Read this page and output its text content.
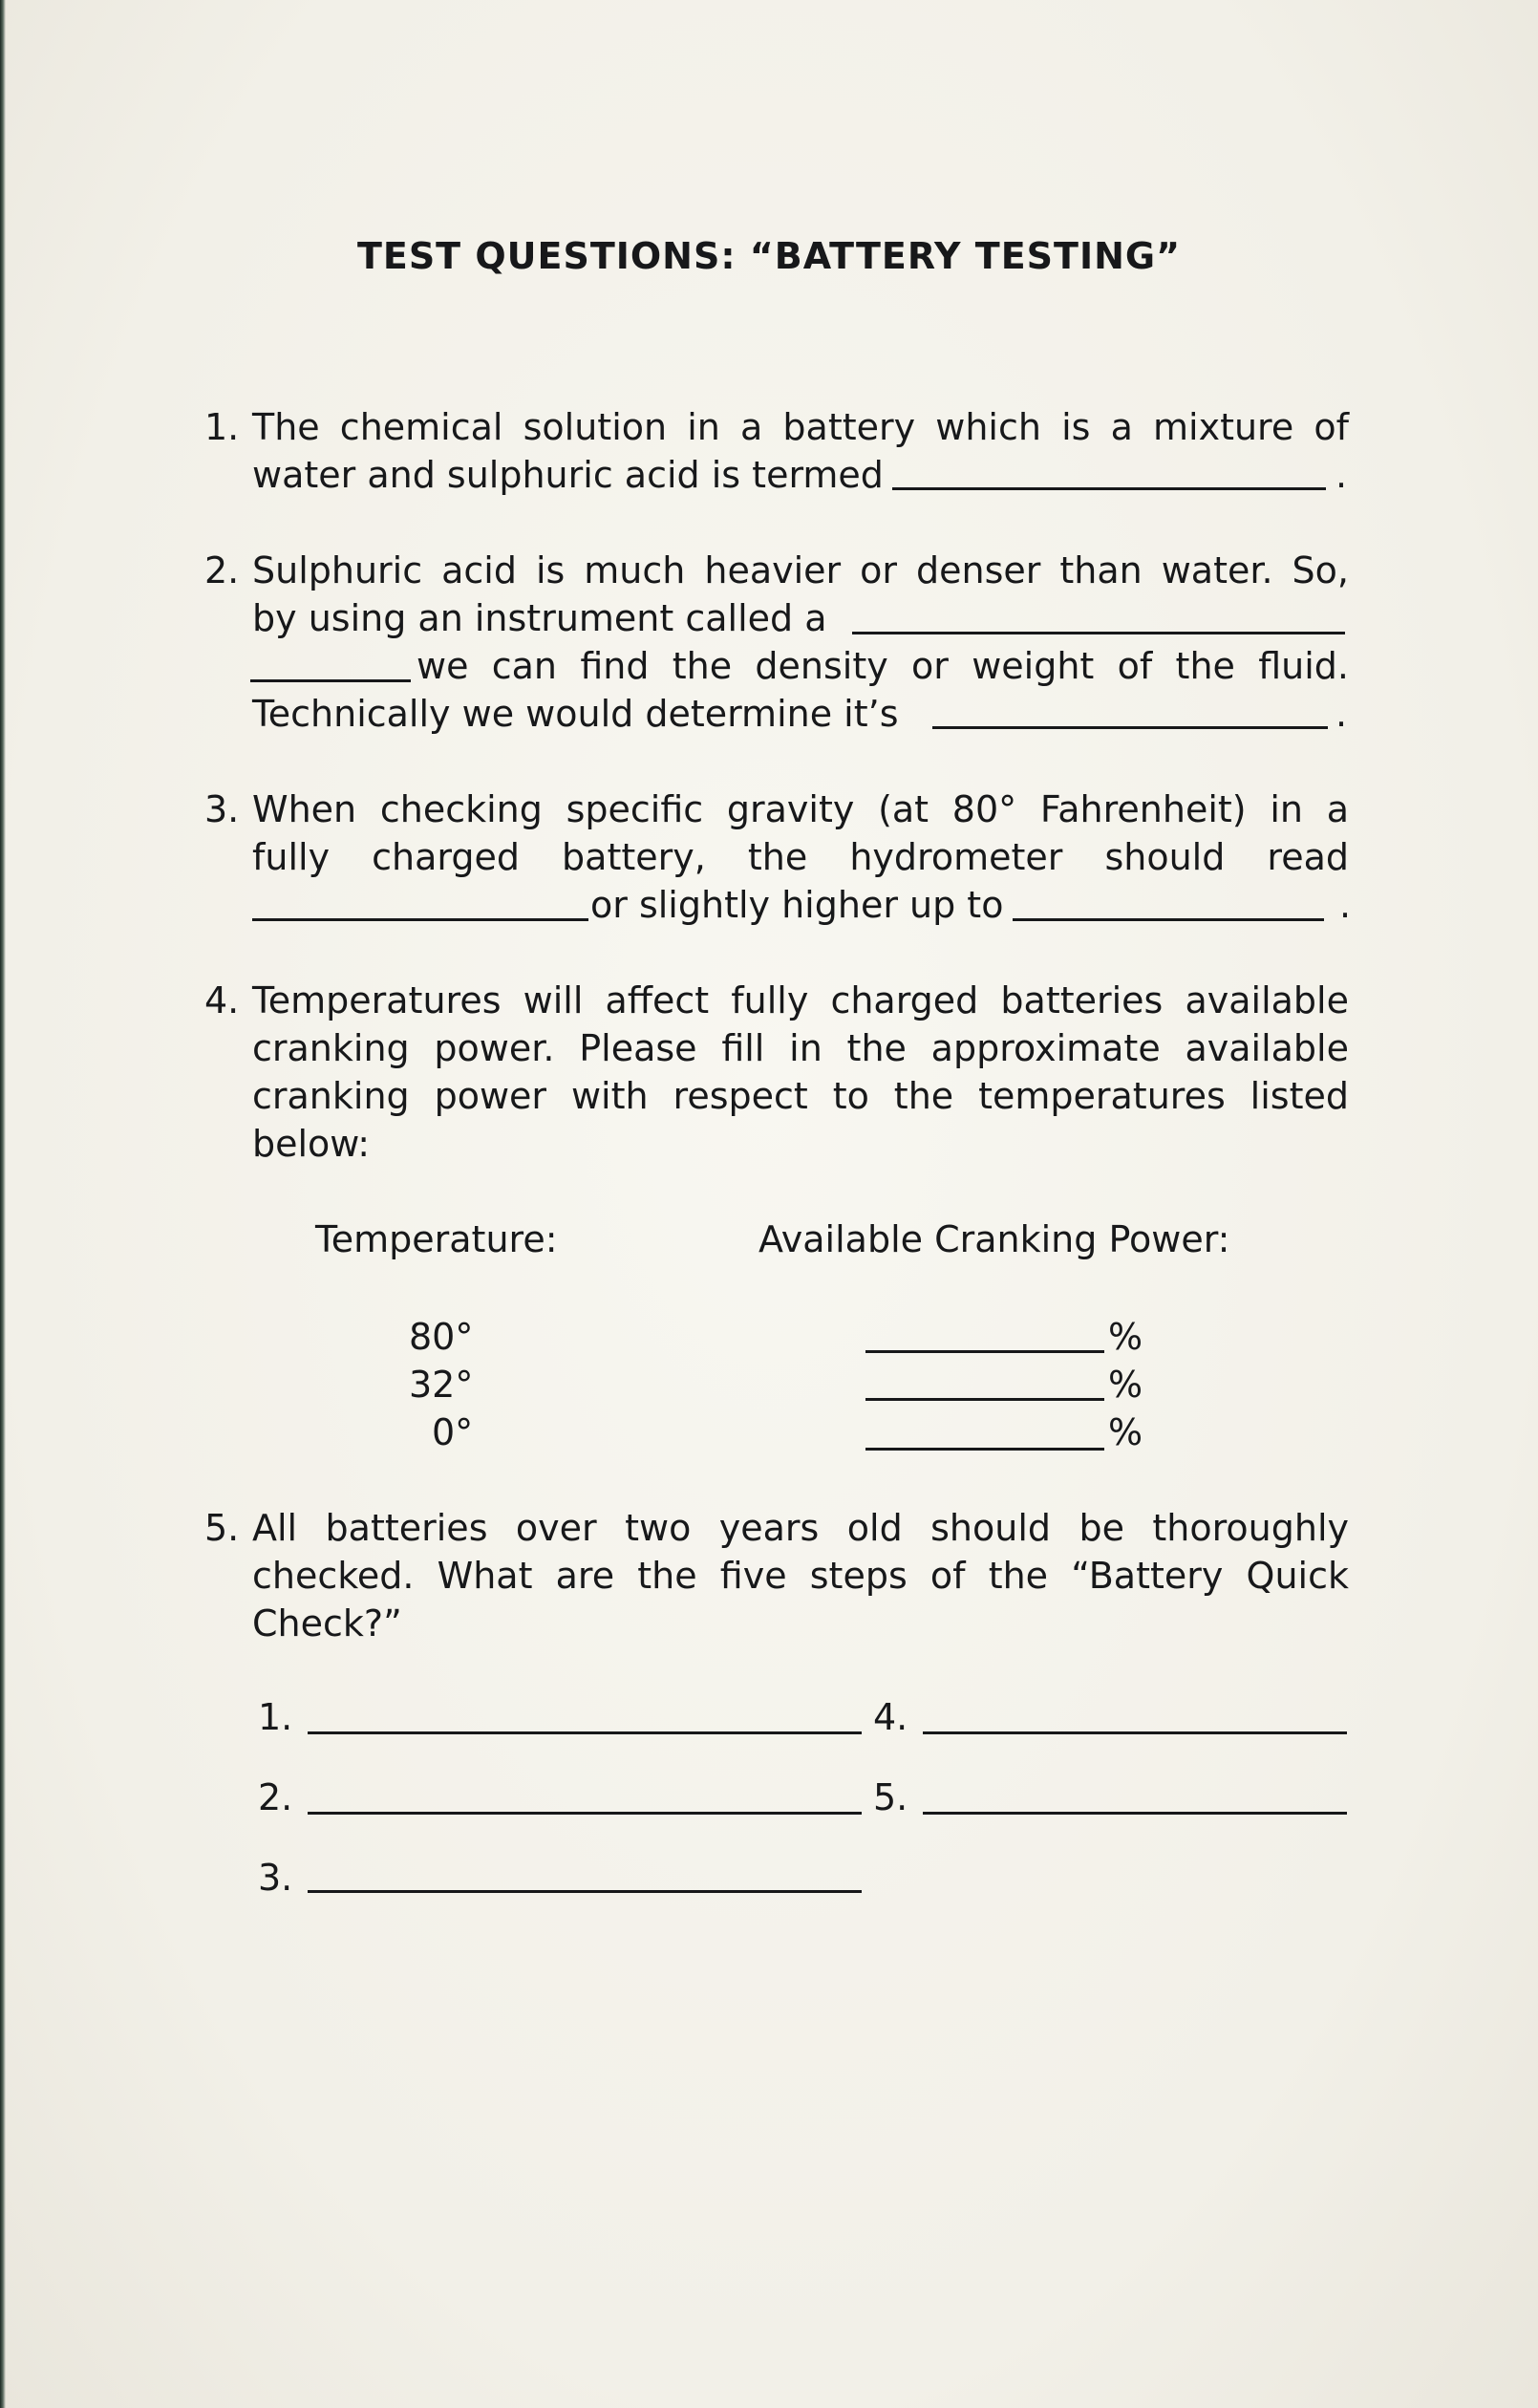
TEST QUESTIONS: “BATTERY TESTING”
1. The chemical solution in a battery which is a mixture of
water and sulphuric acid is termed	.
2. Sulphuric acid is much heavier or denser than water. So,
by using an instrument called a
we can find the density or weight of the fluid.
Technically we would determine it’s	.
3. When checking specific gravity (at 80° Fahrenheit) in a
fully charged battery, the hydrometer should read
or slightly higher up to	.
4. Temperatures will affect fully charged batteries available
cranking power. Please fill in the approximate available
cranking power with respect to the temperatures listed
below:
Temperature:	Available Cranking Power:
80°	%
32°	%
0°	%
5. All batteries over two years old should be thoroughly
checked. What are the five steps of the “Battery Quick
Check?”
1.	4.
2.	5.
3.
